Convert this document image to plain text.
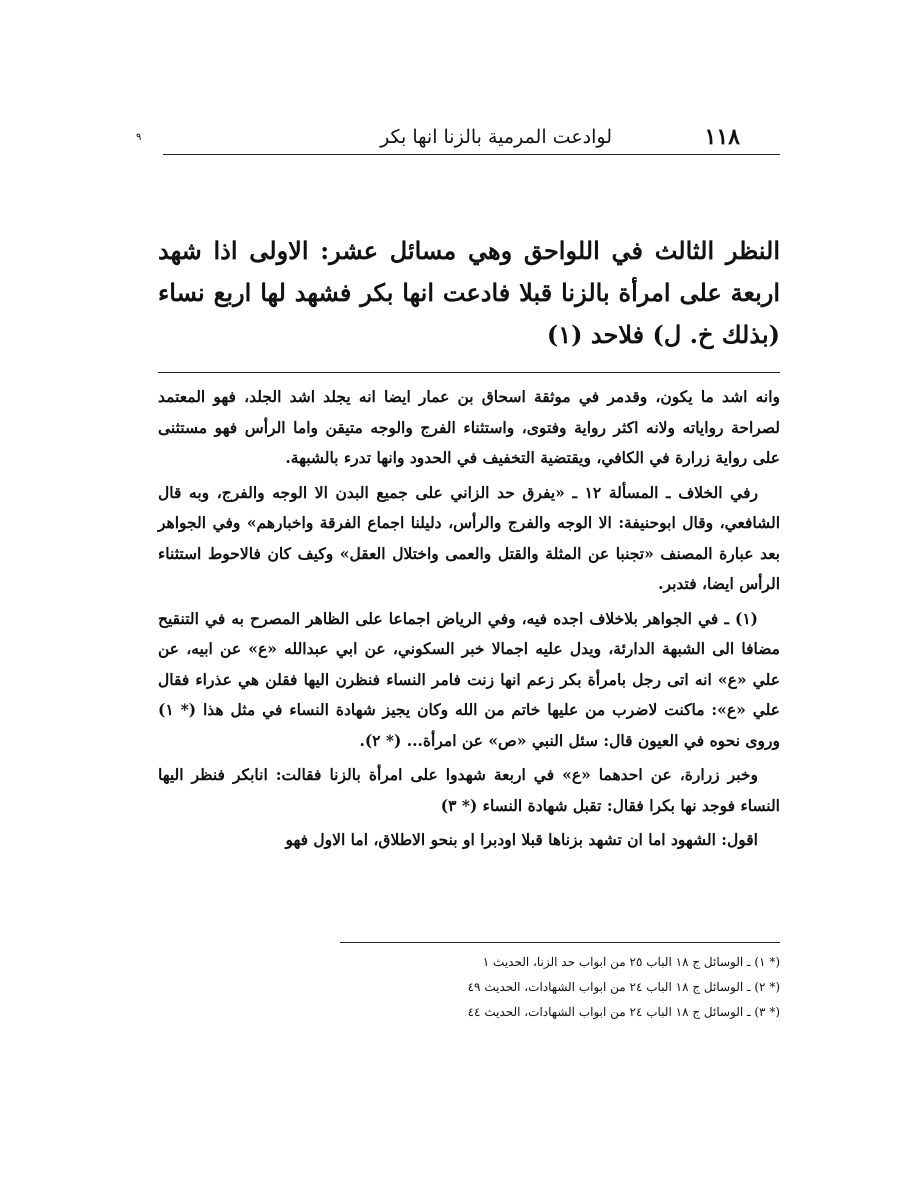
١١٨
لوادعت المرمية بالزنا انها بكر
٩
النظر الثالث في اللواحق وهي مسائل عشر: الاولى اذا شهد اربعة على امرأة بالزنا قبلا فادعت انها بكر فشهد لها اربع نساء (بذلك خ. ل) فلاحد (١)

وانه اشد ما يكون، وقدمر في موثقة اسحاق بن عمار ايضا انه يجلد اشد الجلد، فهو المعتمد لصراحة رواياته ولانه اكثر رواية وفتوى، واستثناء الفرج والوجه متيقن واما الرأس فهو مستثنى على رواية زرارة في الكافي، ويقتضية التخفيف في الحدود وانها تدرء بالشبهة.

رفي الخلاف ـ المسألة ١٢ ـ «يفرق حد الزاني على جميع البدن الا الوجه والفرج، وبه قال الشافعي، وقال ابوحنيفة: الا الوجه والفرج والرأس، دليلنا اجماع الفرقة واخبارهم» وفي الجواهر بعد عبارة المصنف «تجنبا عن المثلة والقتل والعمى واختلال العقل» وكيف كان فالاحوط استثناء الرأس ايضا، فتدبر.

(١) ـ في الجواهر بلاخلاف اجده فيه، وفي الرياض اجماعا على الظاهر المصرح به في التنقيح مضافا الى الشبهة الدارئة، ويدل عليه اجمالا خبر السكوني، عن ابي عبدالله «ع» عن ابيه، عن علي «ع» انه اتى رجل بامرأة بكر زعم انها زنت فامر النساء فنظرن اليها فقلن هي عذراء فقال علي «ع»: ماكنت لاضرب من عليها خاتم من الله وكان يجيز شهادة النساء في مثل هذا (* ١) وروى نحوه في العيون قال: سئل النبي «ص» عن امرأة... (* ٢).

وخبر زرارة، عن احدهما «ع» في اربعة شهدوا على امرأة بالزنا فقالت: انابكر فنظر اليها النساء فوجد نها بكرا فقال: تقبل شهادة النساء (* ٣)

اقول: الشهود اما ان تشهد بزناها قبلا اودبرا او بنحو الاطلاق، اما الاول فهو

(* ١) ـ الوسائل ج ١٨ الباب ٢٥ من ابواب حد الزنا، الحديث ١

(* ٢) ـ الوسائل ج ١٨ الباب ٢٤ من ابواب الشهادات، الحديث ٤٩

(* ٣) ـ الوسائل ج ١٨ الباب ٢٤ من ابواب الشهادات، الحديث ٤٤
